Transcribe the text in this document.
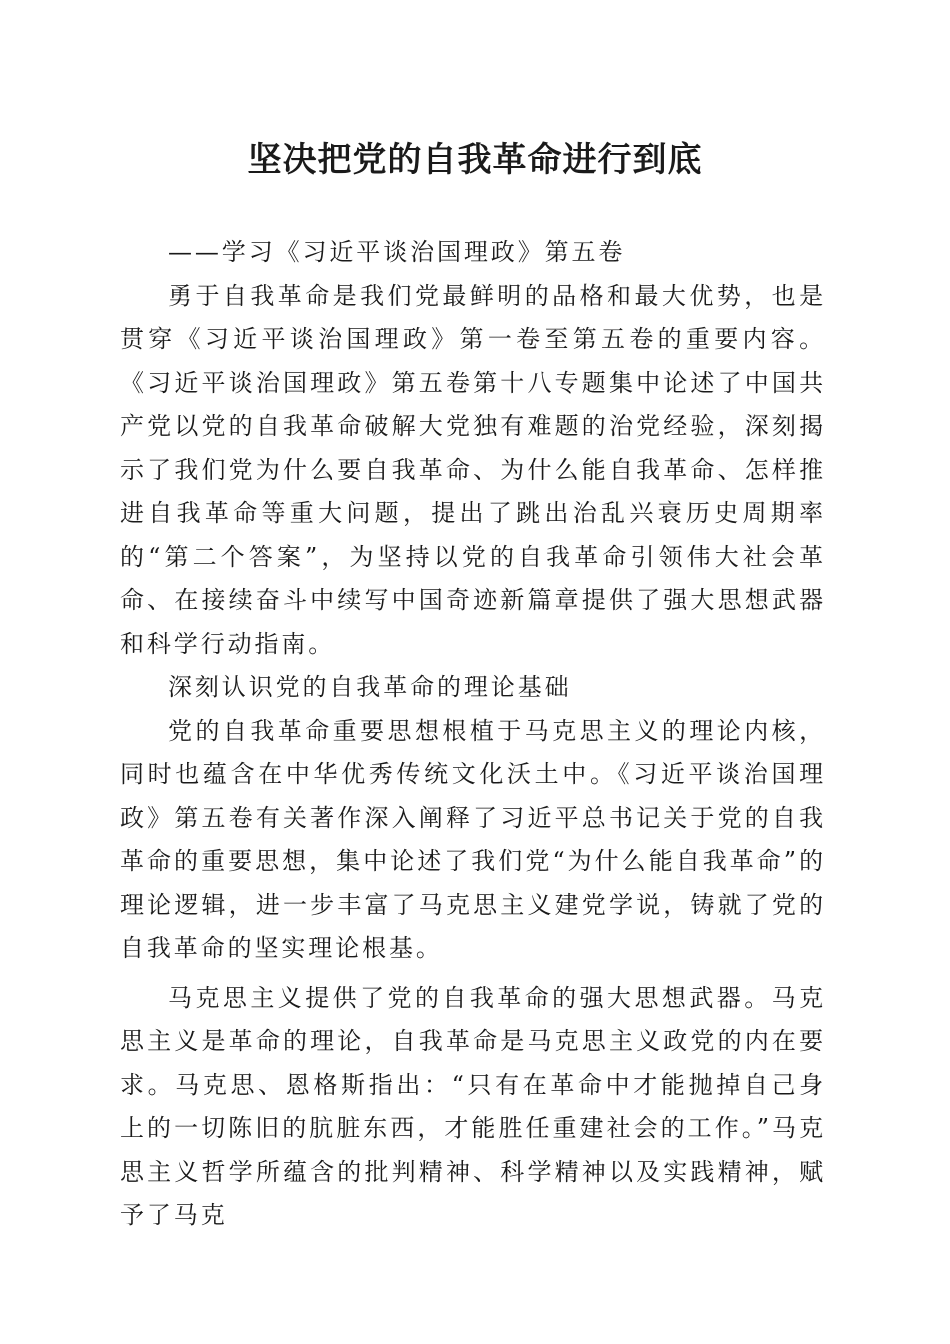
坚决把党的自我革命进行到底

——学习《习近平谈治国理政》第五卷

勇于自我革命是我们党最鲜明的品格和最大优势，也是贯穿《习近平谈治国理政》第一卷至第五卷的重要内容。《习近平谈治国理政》第五卷第十八专题集中论述了中国共产党以党的自我革命破解大党独有难题的治党经验，深刻揭示了我们党为什么要自我革命、为什么能自我革命、怎样推进自我革命等重大问题，提出了跳出治乱兴衰历史周期率的“第二个答案”，为坚持以党的自我革命引领伟大社会革命、在接续奋斗中续写中国奇迹新篇章提供了强大思想武器和科学行动指南。

深刻认识党的自我革命的理论基础

党的自我革命重要思想根植于马克思主义的理论内核，同时也蕴含在中华优秀传统文化沃土中。《习近平谈治国理政》第五卷有关著作深入阐释了习近平总书记关于党的自我革命的重要思想，集中论述了我们党“为什么能自我革命”的理论逻辑，进一步丰富了马克思主义建党学说，铸就了党的自我革命的坚实理论根基。

马克思主义提供了党的自我革命的强大思想武器。马克思主义是革命的理论，自我革命是马克思主义政党的内在要求。马克思、恩格斯指出：“只有在革命中才能抛掉自己身上的一切陈旧的肮脏东西，才能胜任重建社会的工作。”马克思主义哲学所蕴含的批判精神、科学精神以及实践精神，赋予了马克
